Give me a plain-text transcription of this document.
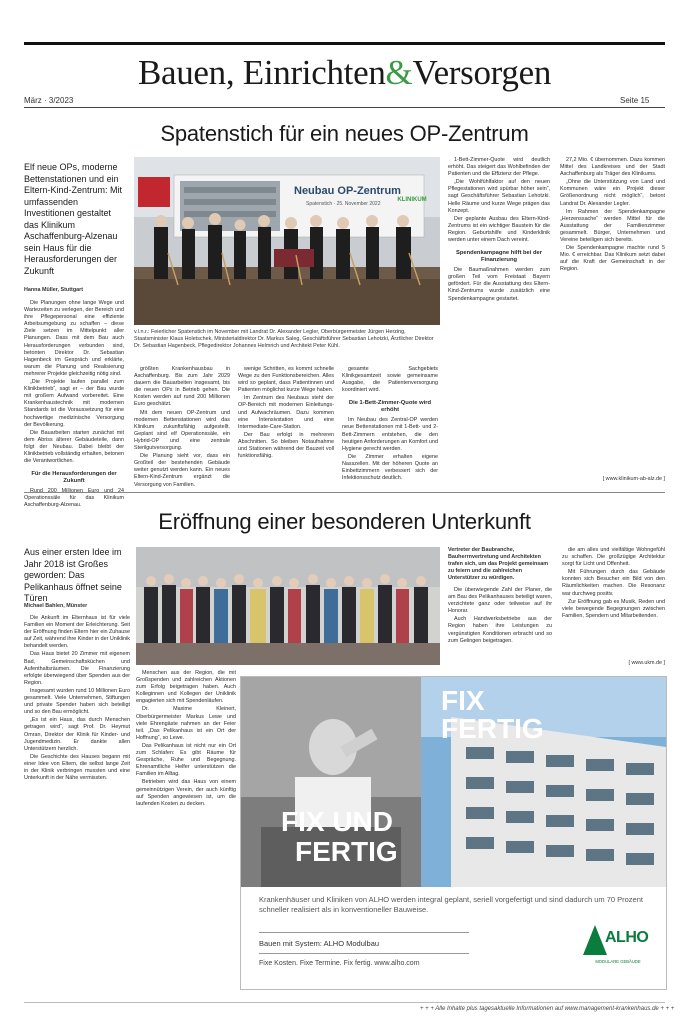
Bauen, Einrichten&Versorgen
März · 3/2023	Seite 15
Spatenstich für ein neues OP-Zentrum
Elf neue OPs, moderne Bettenstationen und ein Eltern-Kind-Zentrum: Mit umfassenden Investitionen gestaltet das Klinikum Aschaffenburg-Alzenau sein Haus für die Herausforderungen der Zukunft
Hanna Müller, Stuttgart
Neubau OP-Zentrum
Spatenstich · 25. November 2022
KLINIKUM
v.l.n.r.: Feierlicher Spatenstich im November mit Landrat Dr. Alexander Legler, Oberbürgermeister Jürgen Herzing, Staatsminister Klaus Holetschek, Ministerialdirektor Dr. Markus Saleg, Geschäftsführer Sebastian Lehotzki, Ärztlicher Direktor Dr. Sebastian Hagenbeck, Pflegedirektor Johannes Helmrich und Architekt Peter Kühl.

Die Planungen ohne lange Wege und Wartezeiten zu verlegen, der Bereich und ihre Pflegepersonal eine effiziente Arbeitsumgebung zu schaffen – diese Ziele setzen im Mittelpunkt aller Planungen. Dass mit dem Bau auch Herausforderungen verbunden sind, betonten Direktor Dr. Sebastian Hagenbeck im Gespräch und erklärte, warum die Planung und Realisierung mehrerer Projekte gleichzeitig nötig sind.

„Die Projekte laufen parallel zum Klinikbetrieb“, sagt er – der Bau wurde mit großem Aufwand vorbereitet. Eine Krankenhaustechnik mit modernen Standards ist die Voraussetzung für eine hochwertige medizinische Versorgung der Bevölkerung.

Die Bauarbeiten starten zunächst mit dem Abriss älterer Gebäudeteile, dann folgt der Neubau. Dabei bleibt der Klinikbetrieb vollständig erhalten, betonen die Verantwortlichen.

Für die Herausforderungen der Zukunft

Operationssäle für das Klinikum Aschaffenburg-Alzenau.

größten Krankenhausbau in Aschaffenburg. Bis zum Jahr 2029 dauern die Bauarbeiten insgesamt, bis die neuen OPs in Betrieb gehen. Die Kosten werden auf rund 200 Millionen Euro geschätzt.

Mit dem neuen OP-Zentrum und modernen Bettenstationen wird das Klinikum zukunftsfähig aufgestellt. Geplant sind elf Operationssäle, ein Hybrid-OP und eine zentrale Sterilgutversorgung.

Die Planung sieht vor, dass ein Großteil der bestehenden Gebäude weiter genutzt werden kann. Ein neues Eltern-Kind-Zentrum ergänzt die Versorgung von Familien.

wenige Schritten, es kommt schnelle Wege zu den Funktionsbereichen. Alles wird so geplant, dass Patientinnen und Patienten möglichst kurze Wege haben.

Im Zentrum des Neubaus steht der OP-Bereich mit modernen Einleitungs- und Aufwachräumen. Dazu kommen eine Intensivstation und eine Intermediate-Care-Station.

Der Bau erfolgt in mehreren Abschnitten. So bleiben Notaufnahme und Stationen während der Bauzeit voll funktionsfähig.

gesamte Sachgebiets Klinikgesamtzeit sowie gemeinsame Ausgabe, die Patientenversorgung koordiniert wird.

Die 1-Bett-Zimmer-Quote wird erhöht

Im Neubau des Zentral-OP werden neue Bettenstationen mit 1-Bett- und 2-Bett-Zimmern entstehen, die den heutigen Anforderungen an Komfort und Hygiene gerecht werden.

Die Zimmer erhalten eigene Nasszellen. Mit der höheren Quote an Einbettzimmern verbessert sich der Infektionsschutz deutlich.

1-Bett-Zimmer-Quote wird deutlich erhöht. Das steigert das Wohlbefinden der Patienten und die Effizienz der Pflege.

„Die Wohlfühlfaktor auf den neuen Pflegestationen wird spürbar höher sein“, sagt Geschäftsführer Sebastian Lehotzki. Helle Räume und kurze Wege prägen das Konzept.

Der geplante Ausbau des Eltern-Kind-Zentrums ist ein wichtiger Baustein für die Region. Geburtshilfe und Kinderklinik werden unter einem Dach vereint.

Spendenkampagne hilft bei der Finanzierung

Die Baumaßnahmen werden zum großen Teil vom Freistaat Bayern gefördert. Für die Ausstattung des Eltern-Kind-Zentrums wurde zusätzlich eine Spendenkampagne gestartet.

27,2 Mio. € übernommen. Dazu kommen Mittel des Landkreises und der Stadt Aschaffenburg als Träger des Klinikums.

„Ohne die Unterstützung von Land und Kommunen wäre ein Projekt dieser Größenordnung nicht möglich“, betont Landrat Dr. Alexander Legler.

Im Rahmen der Spendenkampagne „Herzenssache“ werden Mittel für die Ausstattung der Familienzimmer gesammelt. Bürger, Unternehmen und Vereine beteiligen sich bereits.

Die Spendenkampagne machte rund 5 Mio. € erreichbar. Das Klinikum setzt dabei auf die Kraft der Gemeinschaft in der Region.

[ www.klinikum-ab-alz.de ]
Eröffnung einer besonderen Unterkunft
Aus einer ersten Idee im Jahr 2018 ist Großes geworden: Das Pelikanhaus öffnet seine Türen
Michael Bahlen, Münster

Die Ankunft im Elternhaus ist für viele Familien ein Moment der Erleichterung. Seit der Eröffnung finden Eltern hier ein Zuhause auf Zeit, während ihre Kinder in der Uniklinik behandelt werden.

Das Haus bietet 20 Zimmer mit eigenem Bad, Gemeinschaftsküchen und Aufenthaltsräumen. Die Finanzierung erfolgte überwiegend über Spenden aus der Region.

Insgesamt wurden rund 10 Millionen Euro gesammelt. Viele Unternehmen, Stiftungen und private Spender haben sich beteiligt und so den Bau ermöglicht.

„Es ist ein Haus, das durch Menschen getragen wird“, sagt Prof. Dr. Heymut Omran, Direktor der Klinik für Kinder- und Jugendmedizin. Er dankte allen Unterstützern herzlich.

Die Geschichte des Hauses begann mit einer Idee von Eltern, die selbst lange Zeit in der Klinik verbringen mussten und eine Unterkunft in der Nähe vermissten.

Menschen aus der Region, die mit Großspenden und zahlreichen Aktionen zum Erfolg beigetragen haben. Auch Kolleginnen und Kollegen der Uniklinik engagierten sich mit Spendenläufen.

Dr. Maxime Kleinert, Oberbürgermeister Markus Lewe und viele Ehrengäste nahmen an der Feier teil. „Das Pelikanhaus ist ein Ort der Hoffnung“, so Lewe.

Das Pelikanhaus ist nicht nur ein Ort zum Schlafen: Es gibt Räume für Gespräche, Ruhe und Begegnung. Ehrenamtliche Helfer unterstützen die Familien im Alltag.

Betrieben wird das Haus von einem gemeinnützigen Verein, der auch künftig auf Spenden angewiesen ist, um die laufenden Kosten zu decken.

Vertreter der Baubranche, Bauherrnvertretung und Architekten trafen sich, um das Projekt gemeinsam zu feiern und die zahlreichen Unterstützer zu würdigen.

Die überwiegende Zahl der Planer, die am Bau des Pelikanhauses beteiligt waren, verzichtete ganz oder teilweise auf ihr Honorar.

Auch Handwerksbetriebe aus der Region haben ihre Leistungen zu vergünstigten Konditionen erbracht und so zum Gelingen beigetragen.

die am alles und vielfältige Wohngefühl zu schaffen. Die großzügige Architektur sorgt für Licht und Offenheit.

Mit Führungen durch das Gebäude konnten sich Besucher ein Bild von den Räumlichkeiten machen. Die Resonanz war durchweg positiv.

Zur Eröffnung gab es Musik, Reden und viele bewegende Begegnungen zwischen Familien, Spendern und Mitarbeitenden.

[ www.ukm.de ]
FIX
FERTIG
FIX UND
FERTIG
Krankenhäuser und Kliniken von ALHO werden integral geplant, seriell vorgefertigt und sind dadurch um 70 Prozent schneller realisiert als in konventioneller Bauweise.
Bauen mit System: ALHO Modulbau
Fixe Kosten. Fixe Termine. Fix fertig. www.alho.com
ALHO
MODULARE GEBÄUDE
+ + + Alle Inhalte plus tagesaktuelle Informationen auf www.management-krankenhaus.de + + +
